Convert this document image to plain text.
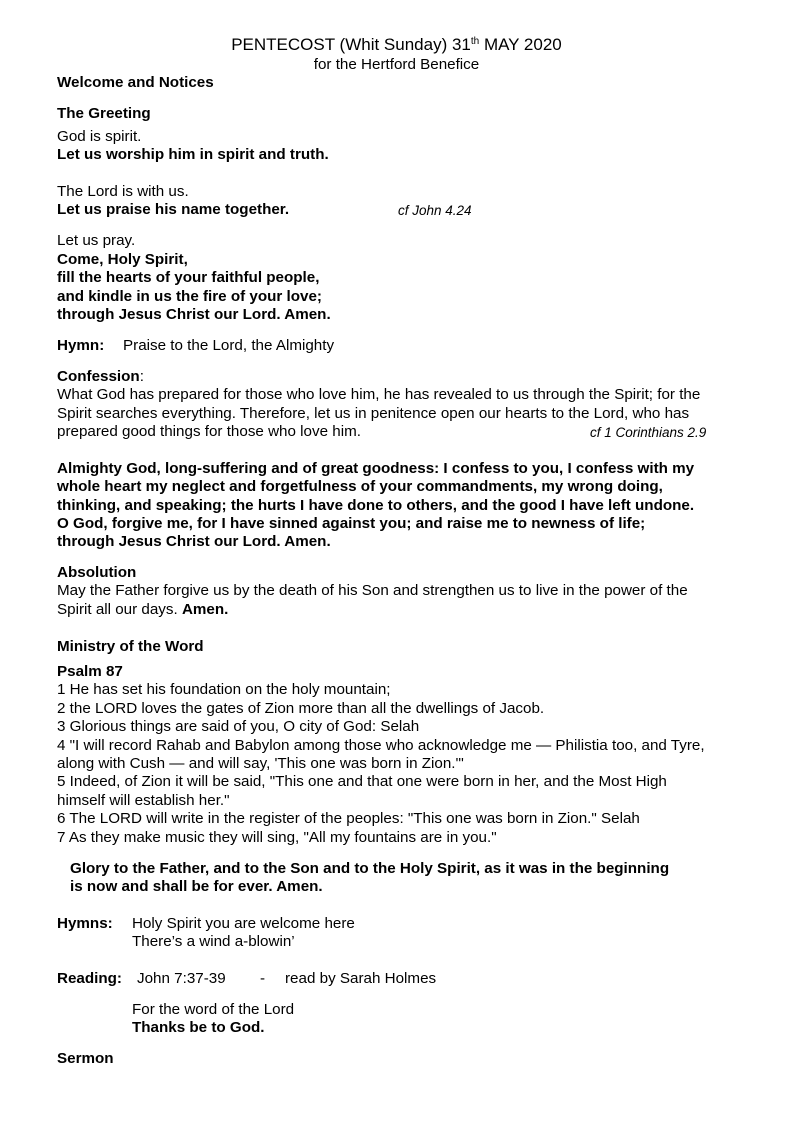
PENTECOST (Whit Sunday) 31th MAY 2020
for the Hertford Benefice
Welcome and Notices
The Greeting
God is spirit.
Let us worship him in spirit and truth.
The Lord is with us.
Let us praise his name together.	cf John 4.24
Let us pray.
Come, Holy Spirit,
fill the hearts of your faithful people,
and kindle in us the fire of your love;
through Jesus Christ our Lord. Amen.
Hymn: Praise to the Lord, the Almighty
Confession:
What God has prepared for those who love him, he has revealed to us through the Spirit; for the
Spirit searches everything. Therefore, let us in penitence open our hearts to the Lord, who has
prepared good things for those who love him.	cf 1 Corinthians 2.9
Almighty God, long-suffering and of great goodness: I confess to you, I confess with my
whole heart my neglect and forgetfulness of your commandments, my wrong doing,
thinking, and speaking; the hurts I have done to others, and the good I have left undone.
O God, forgive me, for I have sinned against you; and raise me to newness of life;
through Jesus Christ our Lord. Amen.
Absolution
May the Father forgive us by the death of his Son and strengthen us to live in the power of the
Spirit all our days. Amen.
Ministry of the Word
Psalm 87
1 He has set his foundation on the holy mountain;
2 the LORD loves the gates of Zion more than all the dwellings of Jacob.
3 Glorious things are said of you, O city of God: Selah
4 "I will record Rahab and Babylon among those who acknowledge me — Philistia too, and Tyre,
along with Cush — and will say, 'This one was born in Zion.'"
5 Indeed, of Zion it will be said, "This one and that one were born in her, and the Most High
himself will establish her."
6 The LORD will write in the register of the peoples: "This one was born in Zion." Selah
7 As they make music they will sing, "All my fountains are in you."
Glory to the Father, and to the Son and to the Holy Spirit, as it was in the beginning
is now and shall be for ever. Amen.
Hymns: Holy Spirit you are welcome here
There’s a wind a-blowin’
Reading: John 7:37-39 - read by Sarah Holmes
For the word of the Lord
Thanks be to God.
Sermon
